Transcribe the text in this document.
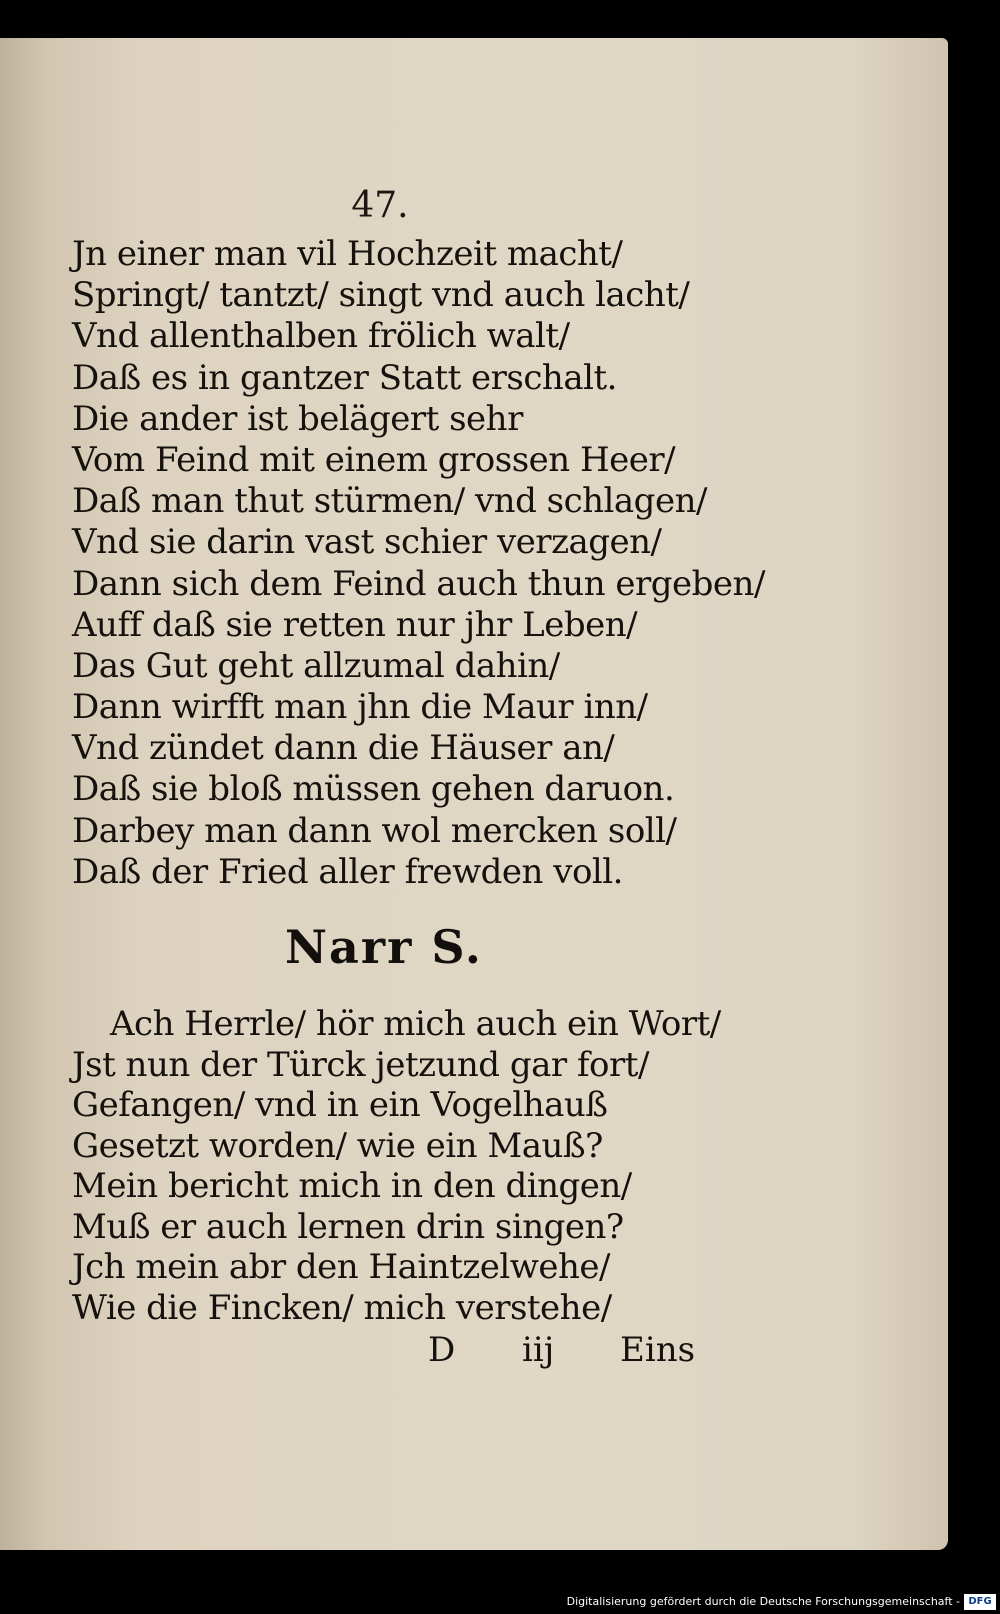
47.
Jn einer man vil Hochzeit macht/
Springt/ tantzt/ singt vnd auch lacht/
Vnd allenthalben frölich walt/
Daß es in gantzer Statt erschalt.
Die ander ist belägert sehr
Vom Feind mit einem grossen Heer/
Daß man thut stürmen/ vnd schlagen/
Vnd sie darin vast schier verzagen/
Dann sich dem Feind auch thun ergeben/
Auff daß sie retten nur jhr Leben/
Das Gut geht allzumal dahin/
Dann wirfft man jhn die Maur inn/
Vnd zündet dann die Häuser an/
Daß sie bloß müssen gehen daruon.
Darbey man dann wol mercken soll/
Daß der Fried aller frewden voll.
Narr S.
Ach Herrle/ hör mich auch ein Wort/
Jst nun der Türck jetzund gar fort/
Gefangen/ vnd in ein Vogelhauß
Gesetzt worden/ wie ein Mauß?
Mein bericht mich in den dingen/
Muß er auch lernen drin singen?
Jch mein abr den Haintzelwehe/
Wie die Fincken/ mich verstehe/
D iij Eins
Digitalisierung gefördert durch die Deutsche Forschungsgemeinschaft - DFG
